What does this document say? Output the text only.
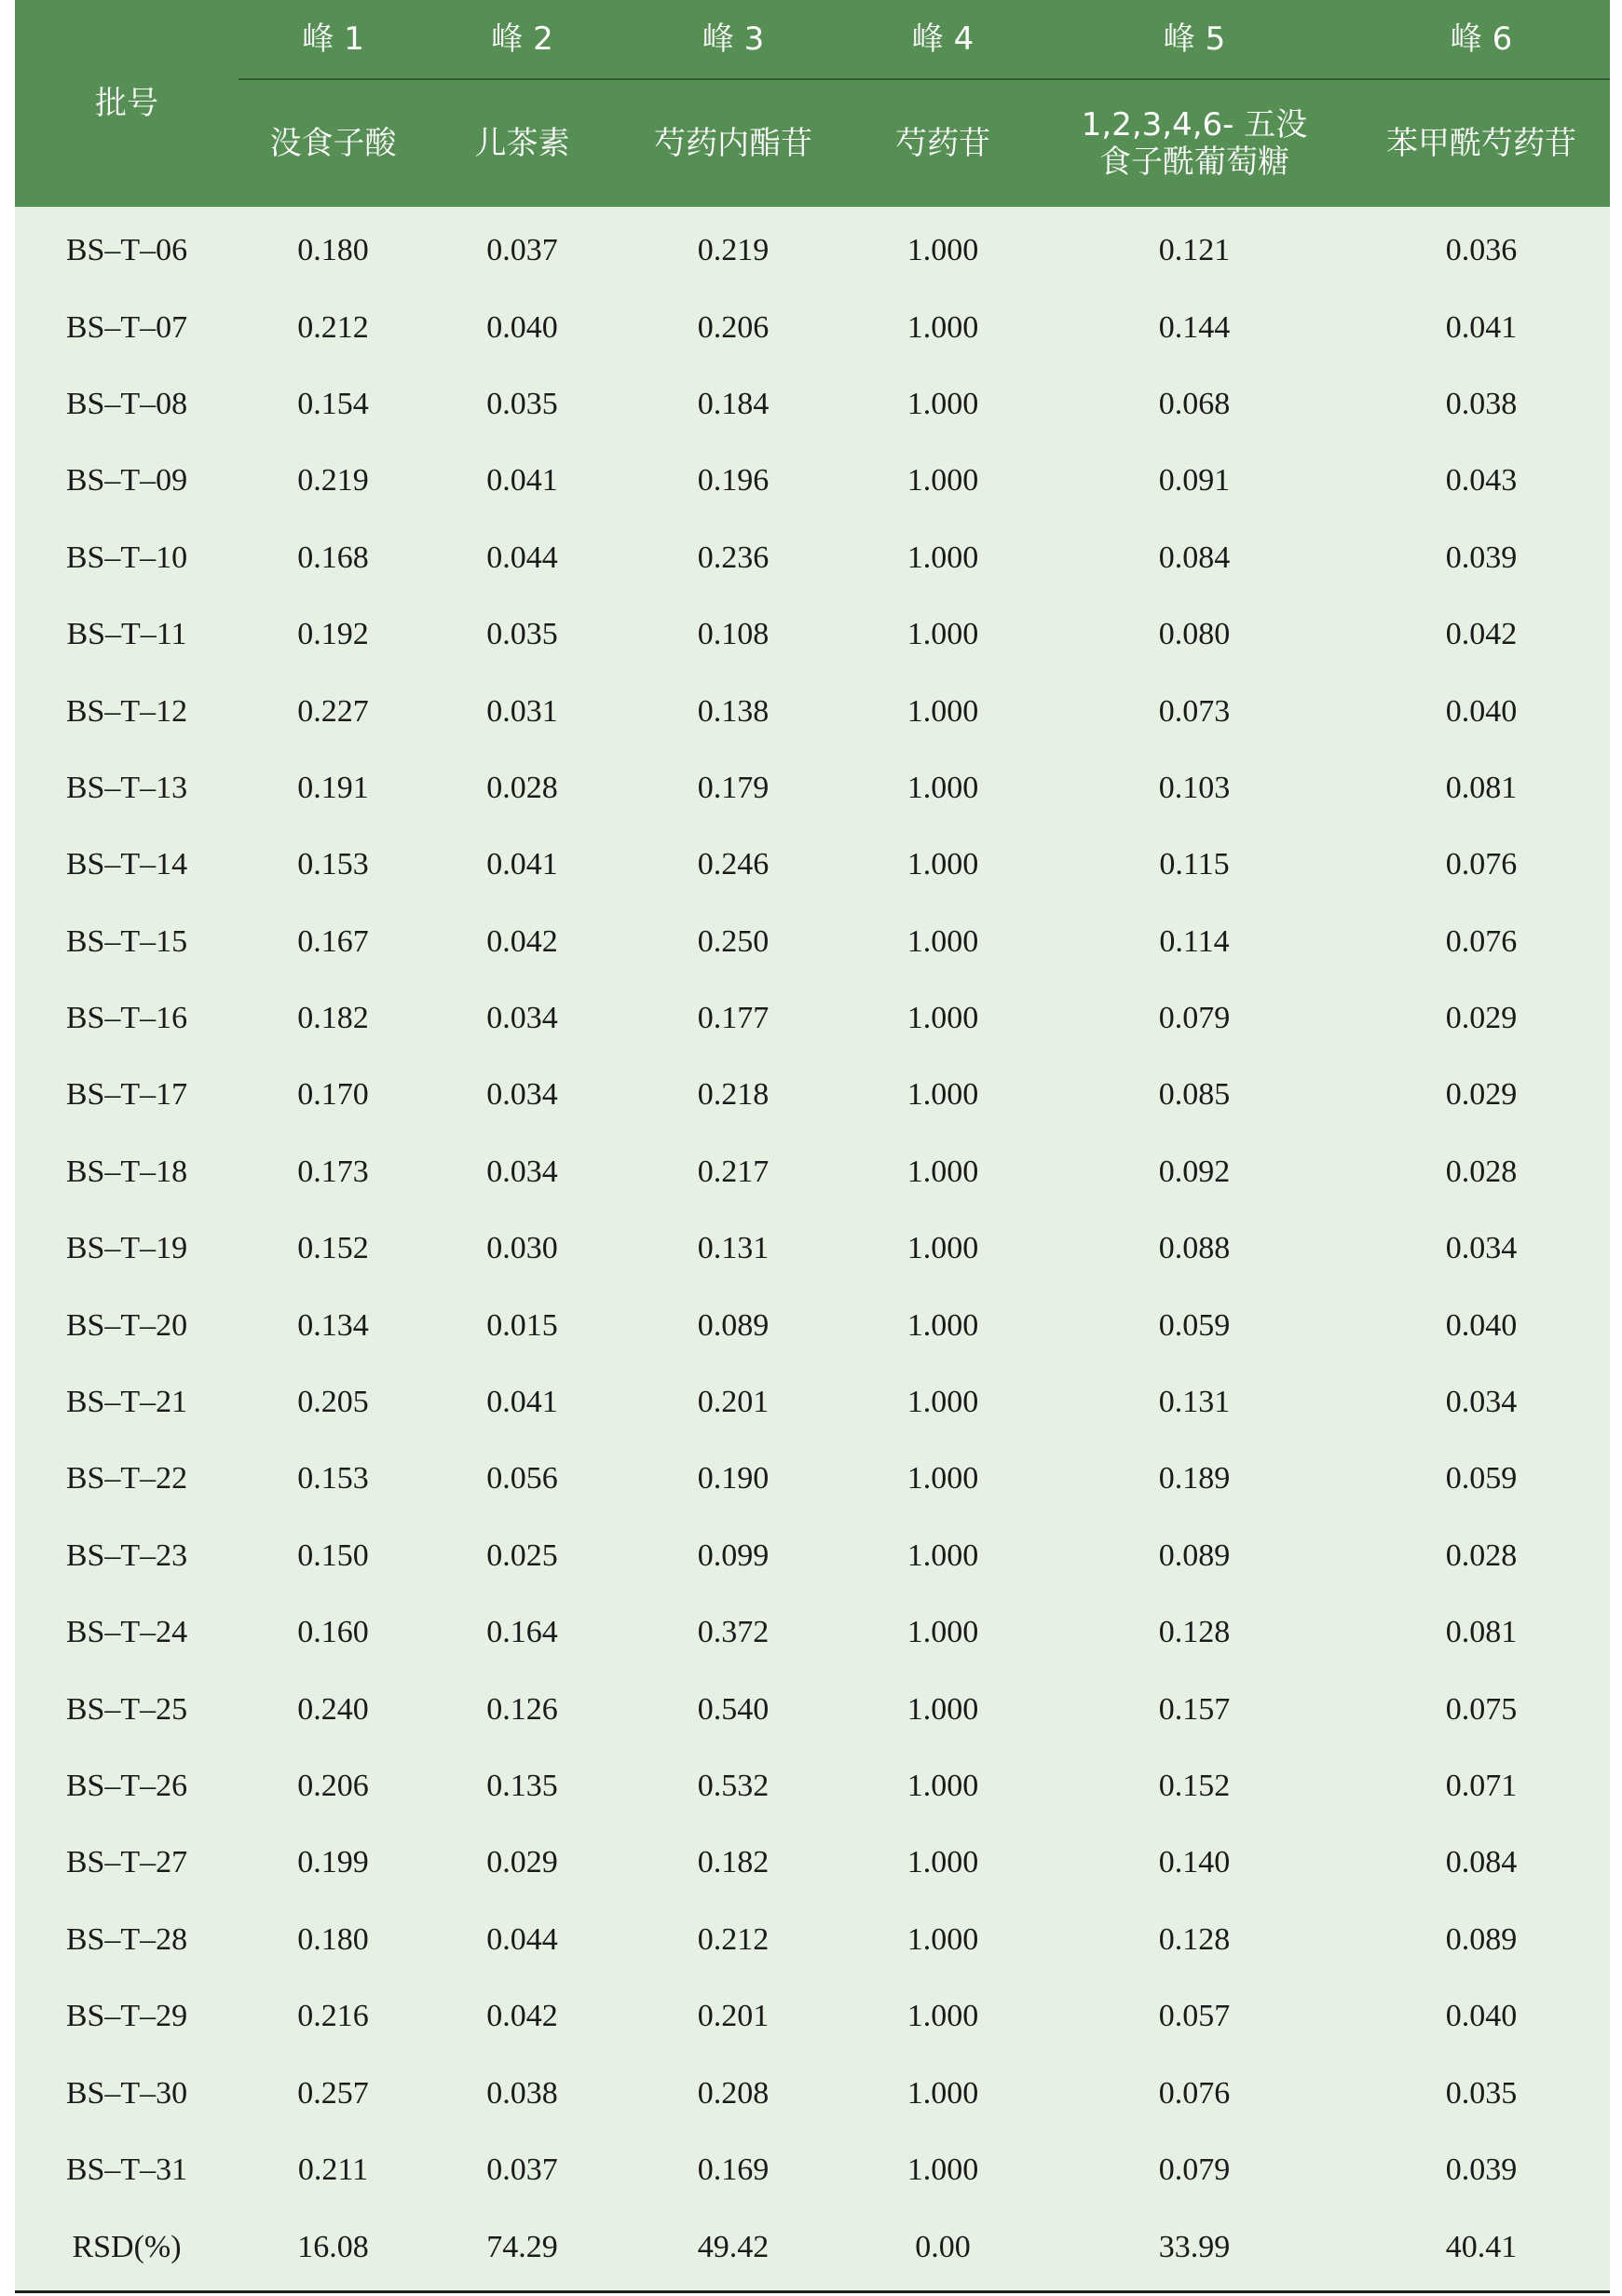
批号	峰 1	峰 2	峰 3	峰 4	峰 5	峰 6

	没食子酸	儿茶素	芍药内酯苷	芍药苷	1,2,3,4,6- 五没
食子酰葡萄糖	苯甲酰芍药苷

BS–T–06	0.180	0.037	0.219	1.000	0.121	0.036
BS–T–07	0.212	0.040	0.206	1.000	0.144	0.041
BS–T–08	0.154	0.035	0.184	1.000	0.068	0.038
BS–T–09	0.219	0.041	0.196	1.000	0.091	0.043
BS–T–10	0.168	0.044	0.236	1.000	0.084	0.039
BS–T–11	0.192	0.035	0.108	1.000	0.080	0.042
BS–T–12	0.227	0.031	0.138	1.000	0.073	0.040
BS–T–13	0.191	0.028	0.179	1.000	0.103	0.081
BS–T–14	0.153	0.041	0.246	1.000	0.115	0.076
BS–T–15	0.167	0.042	0.250	1.000	0.114	0.076
BS–T–16	0.182	0.034	0.177	1.000	0.079	0.029
BS–T–17	0.170	0.034	0.218	1.000	0.085	0.029
BS–T–18	0.173	0.034	0.217	1.000	0.092	0.028
BS–T–19	0.152	0.030	0.131	1.000	0.088	0.034
BS–T–20	0.134	0.015	0.089	1.000	0.059	0.040
BS–T–21	0.205	0.041	0.201	1.000	0.131	0.034
BS–T–22	0.153	0.056	0.190	1.000	0.189	0.059
BS–T–23	0.150	0.025	0.099	1.000	0.089	0.028
BS–T–24	0.160	0.164	0.372	1.000	0.128	0.081
BS–T–25	0.240	0.126	0.540	1.000	0.157	0.075
BS–T–26	0.206	0.135	0.532	1.000	0.152	0.071
BS–T–27	0.199	0.029	0.182	1.000	0.140	0.084
BS–T–28	0.180	0.044	0.212	1.000	0.128	0.089
BS–T–29	0.216	0.042	0.201	1.000	0.057	0.040
BS–T–30	0.257	0.038	0.208	1.000	0.076	0.035
BS–T–31	0.211	0.037	0.169	1.000	0.079	0.039
RSD(%)	16.08	74.29	49.42	0.00	33.99	40.41
